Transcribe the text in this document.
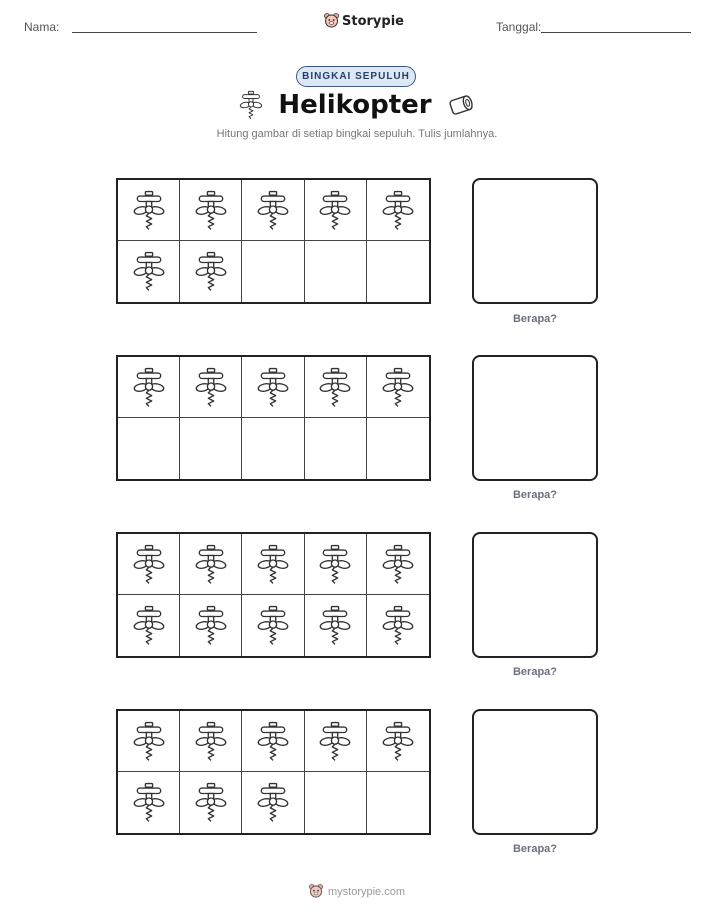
Nama:	Storypie	Tanggal:
BINGKAI SEPULUH
Helikopter
Hitung gambar di setiap bingkai sepuluh. Tulis jumlahnya.
Berapa?
Berapa?
Berapa?
Berapa?
mystorypie.com
